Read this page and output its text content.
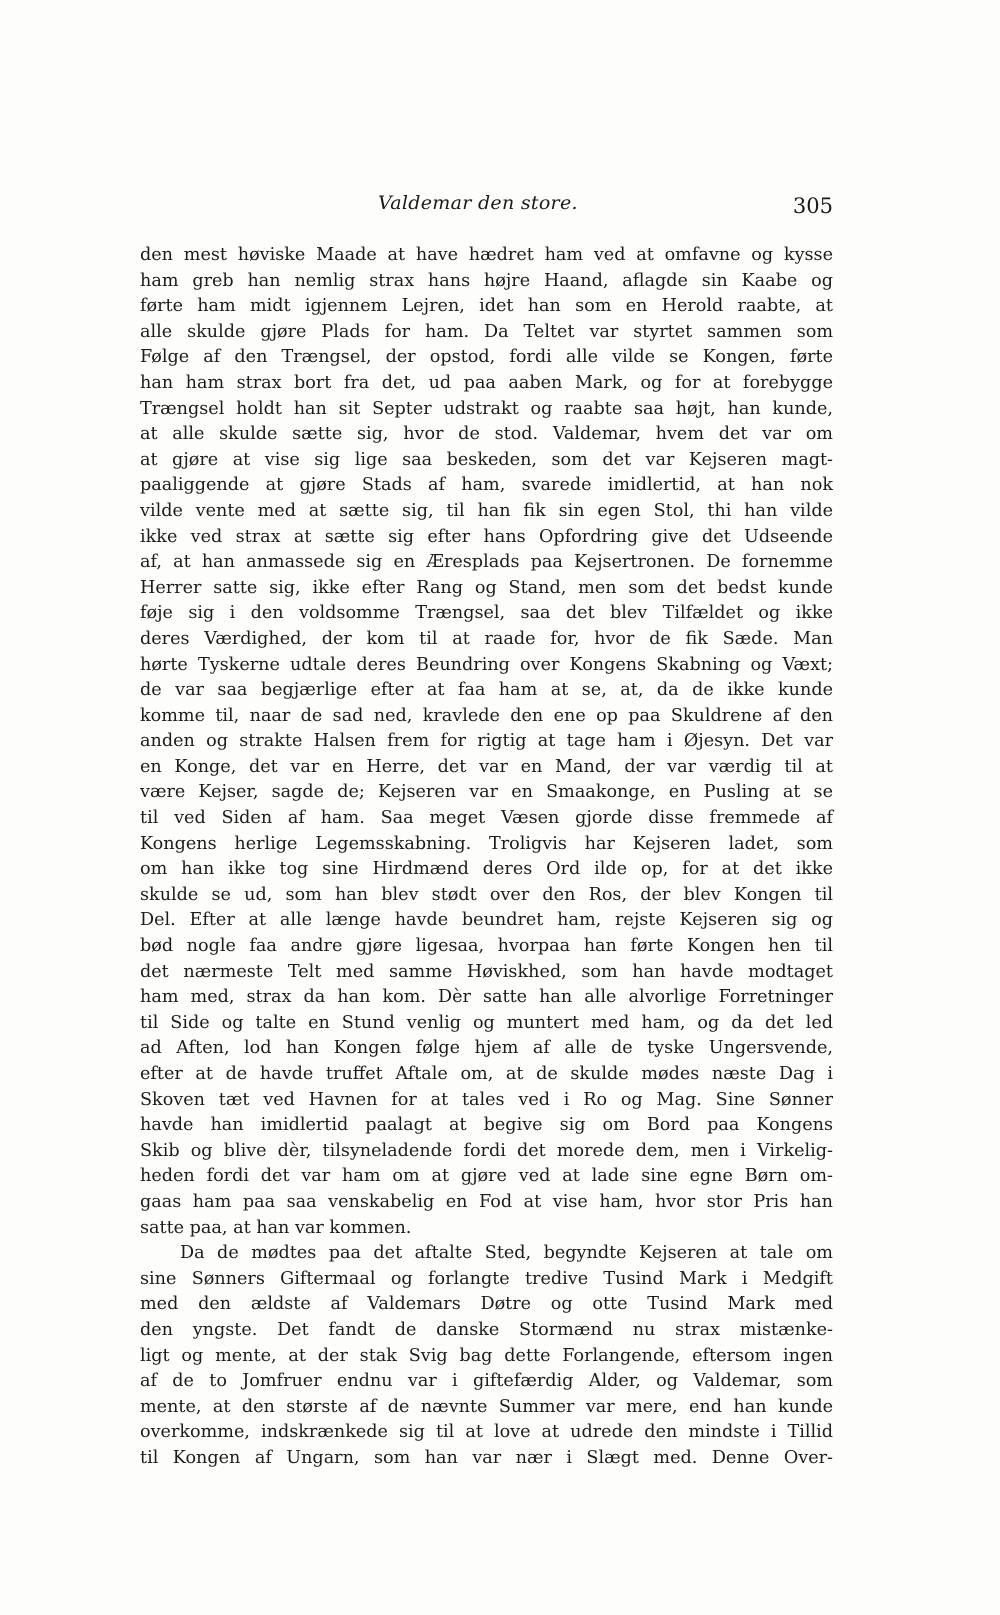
Valdemar den store.	305
den mest høviske Maade at have hædret ham ved at omfavne og kysse
ham greb han nemlig strax hans højre Haand, aflagde sin Kaabe og
førte ham midt igjennem Lejren, idet han som en Herold raabte, at
alle skulde gjøre Plads for ham. Da Teltet var styrtet sammen som
Følge af den Trængsel, der opstod, fordi alle vilde se Kongen, førte
han ham strax bort fra det, ud paa aaben Mark, og for at forebygge
Trængsel holdt han sit Septer udstrakt og raabte saa højt, han kunde,
at alle skulde sætte sig, hvor de stod. Valdemar, hvem det var om
at gjøre at vise sig lige saa beskeden, som det var Kejseren magt-
paaliggende at gjøre Stads af ham, svarede imidlertid, at han nok
vilde vente med at sætte sig, til han fik sin egen Stol, thi han vilde
ikke ved strax at sætte sig efter hans Opfordring give det Udseende
af, at han anmassede sig en Æresplads paa Kejsertronen. De fornemme
Herrer satte sig, ikke efter Rang og Stand, men som det bedst kunde
føje sig i den voldsomme Trængsel, saa det blev Tilfældet og ikke
deres Værdighed, der kom til at raade for, hvor de fik Sæde. Man
hørte Tyskerne udtale deres Beundring over Kongens Skabning og Væxt;
de var saa begjærlige efter at faa ham at se, at, da de ikke kunde
komme til, naar de sad ned, kravlede den ene op paa Skuldrene af den
anden og strakte Halsen frem for rigtig at tage ham i Øjesyn. Det var
en Konge, det var en Herre, det var en Mand, der var værdig til at
være Kejser, sagde de; Kejseren var en Smaakonge, en Pusling at se
til ved Siden af ham. Saa meget Væsen gjorde disse fremmede af
Kongens herlige Legemsskabning. Troligvis har Kejseren ladet, som
om han ikke tog sine Hirdmænd deres Ord ilde op, for at det ikke
skulde se ud, som han blev stødt over den Ros, der blev Kongen til
Del. Efter at alle længe havde beundret ham, rejste Kejseren sig og
bød nogle faa andre gjøre ligesaa, hvorpaa han førte Kongen hen til
det nærmeste Telt med samme Høviskhed, som han havde modtaget
ham med, strax da han kom. Dèr satte han alle alvorlige Forretninger
til Side og talte en Stund venlig og muntert med ham, og da det led
ad Aften, lod han Kongen følge hjem af alle de tyske Ungersvende,
efter at de havde truffet Aftale om, at de skulde mødes næste Dag i
Skoven tæt ved Havnen for at tales ved i Ro og Mag. Sine Sønner
havde han imidlertid paalagt at begive sig om Bord paa Kongens
Skib og blive dèr, tilsyneladende fordi det morede dem, men i Virkelig-
heden fordi det var ham om at gjøre ved at lade sine egne Børn om-
gaas ham paa saa venskabelig en Fod at vise ham, hvor stor Pris han
satte paa, at han var kommen.
Da de mødtes paa det aftalte Sted, begyndte Kejseren at tale om
sine Sønners Giftermaal og forlangte tredive Tusind Mark i Medgift
med den ældste af Valdemars Døtre og otte Tusind Mark med
den yngste. Det fandt de danske Stormænd nu strax mistænke-
ligt og mente, at der stak Svig bag dette Forlangende, eftersom ingen
af de to Jomfruer endnu var i giftefærdig Alder, og Valdemar, som
mente, at den største af de nævnte Summer var mere, end han kunde
overkomme, indskrænkede sig til at love at udrede den mindste i Tillid
til Kongen af Ungarn, som han var nær i Slægt med. Denne Over-
